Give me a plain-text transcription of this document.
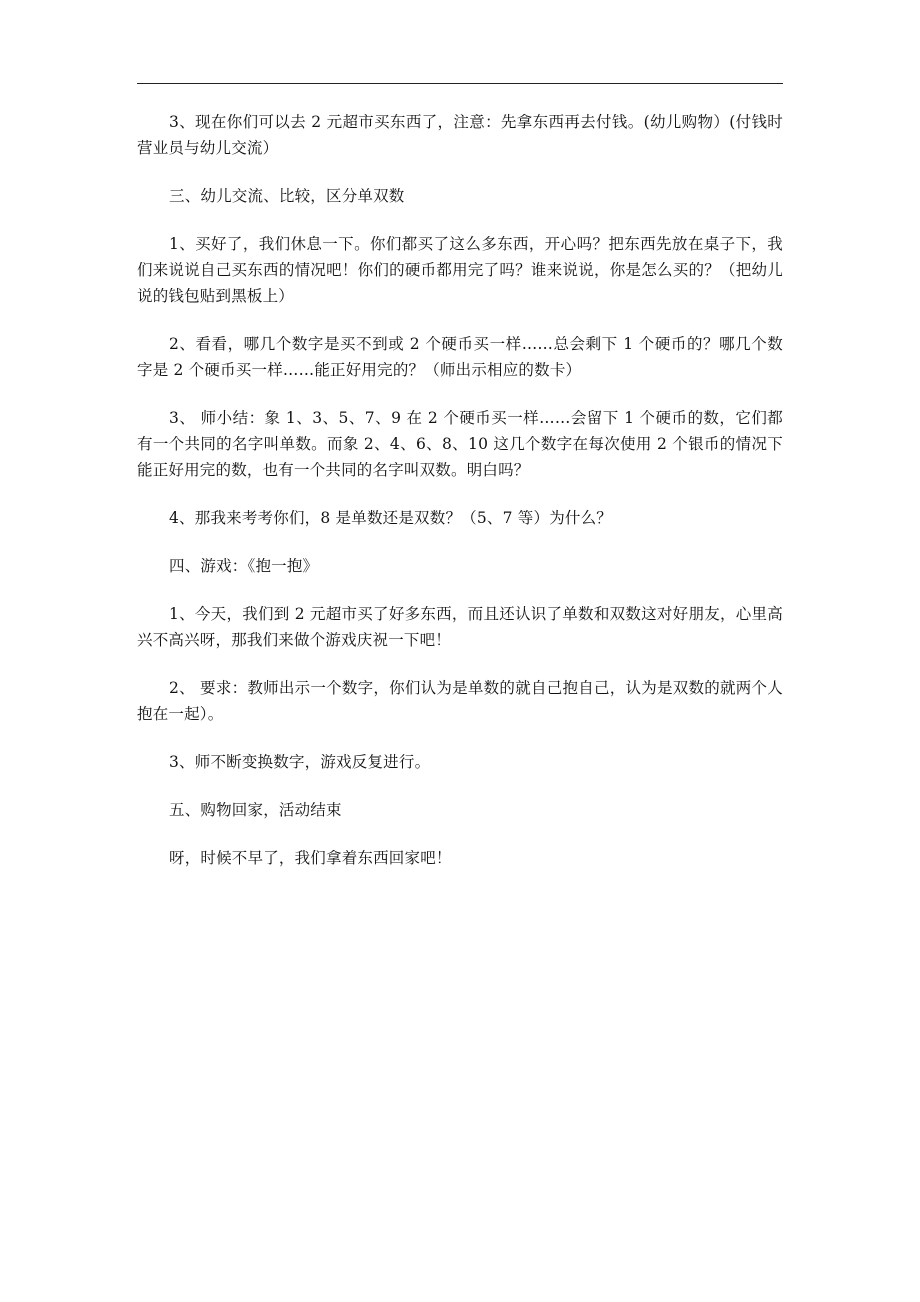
3、现在你们可以去 2 元超市买东西了，注意：先拿东西再去付钱。(幼儿购物）(付钱时营业员与幼儿交流）

三、幼儿交流、比较，区分单双数

1、买好了，我们休息一下。你们都买了这么多东西，开心吗？把东西先放在桌子下，我们来说说自己买东西的情况吧！你们的硬币都用完了吗？谁来说说，你是怎么买的？（把幼儿说的钱包贴到黑板上）

2、看看，哪几个数字是买不到或 2 个硬币买一样……总会剩下 1 个硬币的？哪几个数字是 2 个硬币买一样……能正好用完的？（师出示相应的数卡）

3、 师小结：象 1、3、5、7、9 在 2 个硬币买一样……会留下 1 个硬币的数，它们都有一个共同的名字叫单数。而象 2、4、6、8、10 这几个数字在每次使用 2 个银币的情况下能正好用完的数，也有一个共同的名字叫双数。明白吗？

4、那我来考考你们，8 是单数还是双数？（5、7 等）为什么？

四、游戏：《抱一抱》

1、今天，我们到 2 元超市买了好多东西，而且还认识了单数和双数这对好朋友，心里高兴不高兴呀，那我们来做个游戏庆祝一下吧！

2、 要求：教师出示一个数字，你们认为是单数的就自己抱自己，认为是双数的就两个人抱在一起）。

3、师不断变换数字，游戏反复进行。

五、购物回家，活动结束

呀，时候不早了，我们拿着东西回家吧！
